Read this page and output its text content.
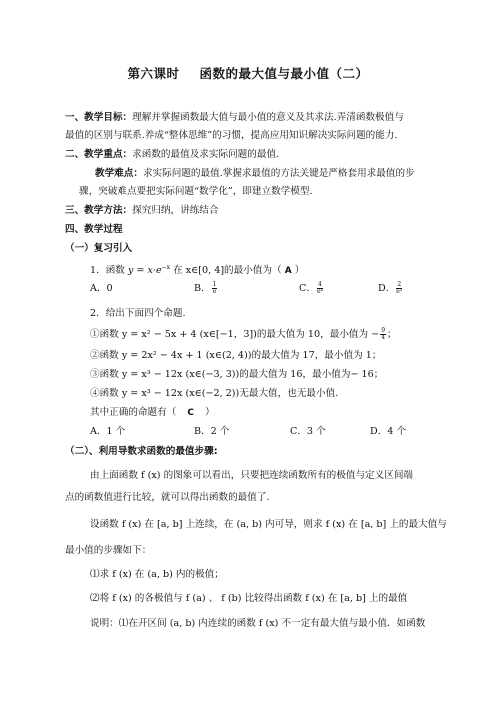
第六课时 函数的最大值与最小值（二）
一、教学目标：理解并掌握函数最大值与最小值的意义及其求法.弄清函数极值与
最值的区别与联系.养成“整体思维”的习惯，提高应用知识解决实际问题的能力.
二、教学重点：求函数的最值及求实际问题的最值.
教学难点：求实际问题的最值.掌握求最值的方法关键是严格套用求最值的步
骤，突破难点要把实际问题“数学化”，即建立数学模型.
三、教学方法：探究归纳，讲练结合
四、教学过程
（一）复习引入
1．函数 $y = x\cdot e^{-x}$ 在 x∈[0, 4]的最小值为（ A ）
A．0	B． $\frac{1}{e}$	C． $\frac{4}{\text{e⁴}}$	D． $\frac{2}{\text{e²}}$
2．给出下面四个命题.
①函数 y = x² − 5x + 4 (x∈[−1，3])的最大值为 10，最小值为 − $\frac{9}{4}$ ；
②函数 y = 2x² − 4x + 1 (x∈(2, 4))的最大值为 17，最小值为 1；
③函数 y = x³ − 12x (x∈(−3, 3))的最大值为 16，最小值为− 16；
④函数 y = x³ − 12x (x∈(−2, 2))无最大值，也无最小值.
其中正确的命题有（ C ）
A．1 个	B．2 个	C．3 个	D．4 个
（二）、利用导数求函数的最值步骤:
由上面函数 f (x) 的图象可以看出，只要把连续函数所有的极值与定义区间端
点的函数值进行比较，就可以得出函数的最值了.
设函数 f (x) 在 [a, b] 上连续，在 (a, b) 内可导，则求 f (x) 在 [a, b] 上的最大值与
最小值的步骤如下：
⑴求 f (x) 在 (a, b) 内的极值；
⑵将 f (x) 的各极值与 f (a) 、 f (b) 比较得出函数 f (x) 在 [a, b] 上的最值
说明：⑴在开区间 (a, b) 内连续的函数 f (x) 不一定有最大值与最小值．如函数
